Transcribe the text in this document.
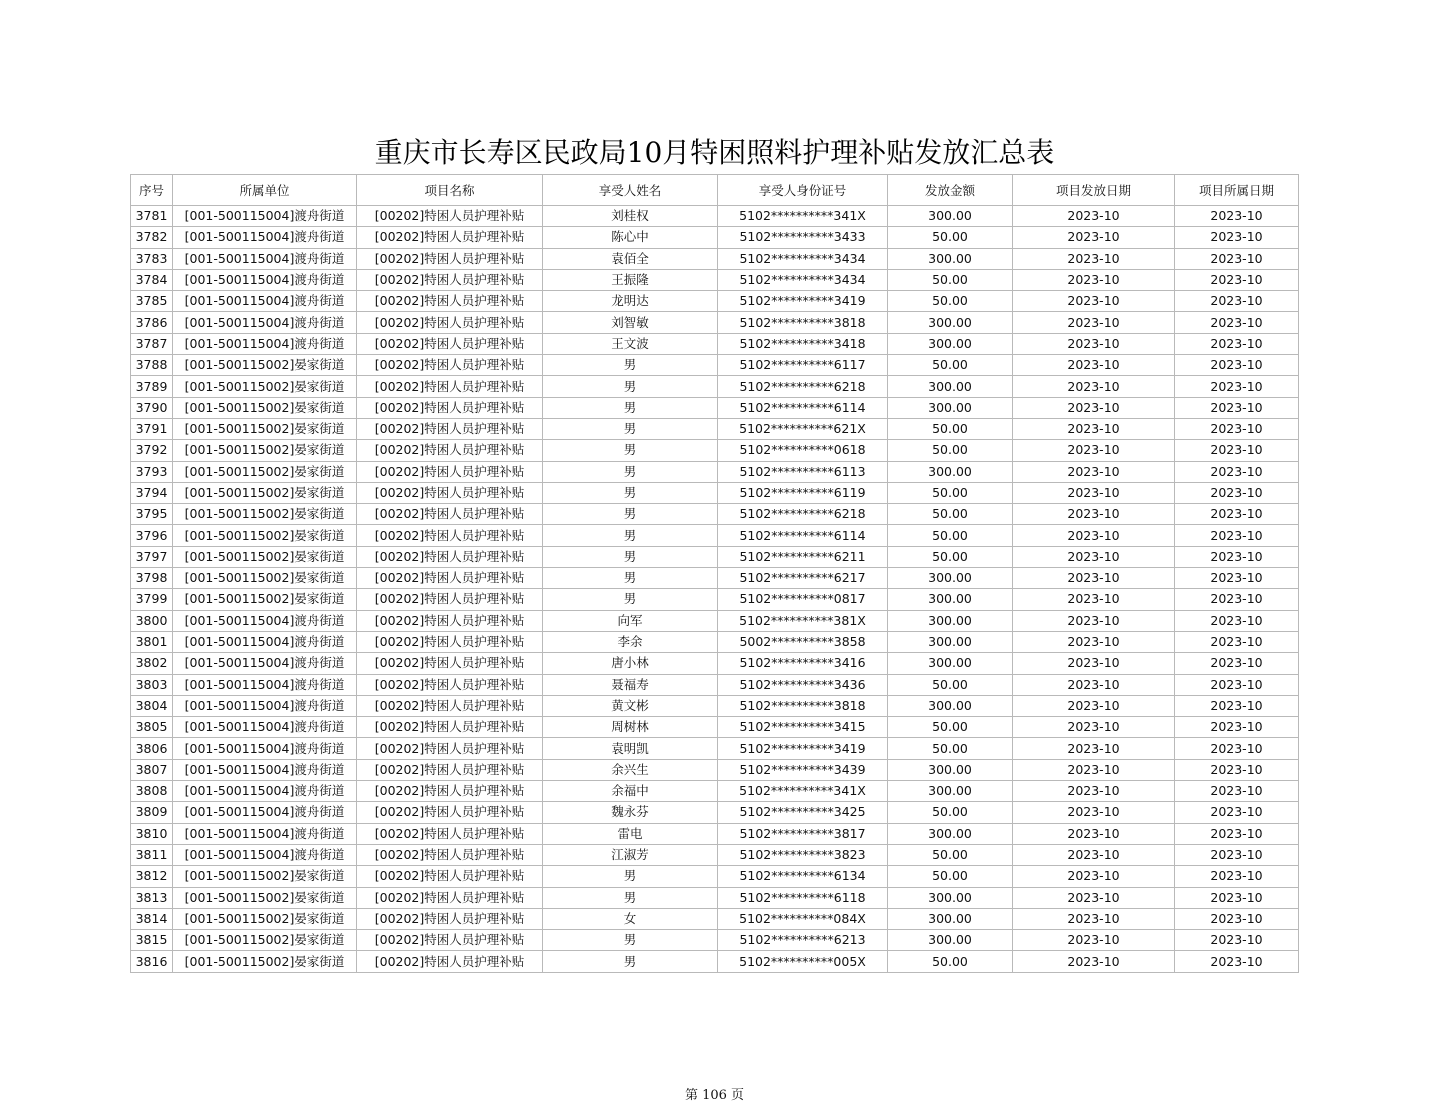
重庆市长寿区民政局10月特困照料护理补贴发放汇总表
序号	所属单位	项目名称	享受人姓名	享受人身份证号	发放金额	项目发放日期	项目所属日期
3781	[001-500115004]渡舟街道	[00202]特困人员护理补贴	刘桂权	5102**********341X	300.00	2023-10	2023-10
3782	[001-500115004]渡舟街道	[00202]特困人员护理补贴	陈心中	5102**********3433	50.00	2023-10	2023-10
3783	[001-500115004]渡舟街道	[00202]特困人员护理补贴	袁佰全	5102**********3434	300.00	2023-10	2023-10
3784	[001-500115004]渡舟街道	[00202]特困人员护理补贴	王振隆	5102**********3434	50.00	2023-10	2023-10
3785	[001-500115004]渡舟街道	[00202]特困人员护理补贴	龙明达	5102**********3419	50.00	2023-10	2023-10
3786	[001-500115004]渡舟街道	[00202]特困人员护理补贴	刘智敏	5102**********3818	300.00	2023-10	2023-10
3787	[001-500115004]渡舟街道	[00202]特困人员护理补贴	王文波	5102**********3418	300.00	2023-10	2023-10
3788	[001-500115002]晏家街道	[00202]特困人员护理补贴	男	5102**********6117	50.00	2023-10	2023-10
3789	[001-500115002]晏家街道	[00202]特困人员护理补贴	男	5102**********6218	300.00	2023-10	2023-10
3790	[001-500115002]晏家街道	[00202]特困人员护理补贴	男	5102**********6114	300.00	2023-10	2023-10
3791	[001-500115002]晏家街道	[00202]特困人员护理补贴	男	5102**********621X	50.00	2023-10	2023-10
3792	[001-500115002]晏家街道	[00202]特困人员护理补贴	男	5102**********0618	50.00	2023-10	2023-10
3793	[001-500115002]晏家街道	[00202]特困人员护理补贴	男	5102**********6113	300.00	2023-10	2023-10
3794	[001-500115002]晏家街道	[00202]特困人员护理补贴	男	5102**********6119	50.00	2023-10	2023-10
3795	[001-500115002]晏家街道	[00202]特困人员护理补贴	男	5102**********6218	50.00	2023-10	2023-10
3796	[001-500115002]晏家街道	[00202]特困人员护理补贴	男	5102**********6114	50.00	2023-10	2023-10
3797	[001-500115002]晏家街道	[00202]特困人员护理补贴	男	5102**********6211	50.00	2023-10	2023-10
3798	[001-500115002]晏家街道	[00202]特困人员护理补贴	男	5102**********6217	300.00	2023-10	2023-10
3799	[001-500115002]晏家街道	[00202]特困人员护理补贴	男	5102**********0817	300.00	2023-10	2023-10
3800	[001-500115004]渡舟街道	[00202]特困人员护理补贴	向军	5102**********381X	300.00	2023-10	2023-10
3801	[001-500115004]渡舟街道	[00202]特困人员护理补贴	李余	5002**********3858	300.00	2023-10	2023-10
3802	[001-500115004]渡舟街道	[00202]特困人员护理补贴	唐小林	5102**********3416	300.00	2023-10	2023-10
3803	[001-500115004]渡舟街道	[00202]特困人员护理补贴	聂福寿	5102**********3436	50.00	2023-10	2023-10
3804	[001-500115004]渡舟街道	[00202]特困人员护理补贴	黄文彬	5102**********3818	300.00	2023-10	2023-10
3805	[001-500115004]渡舟街道	[00202]特困人员护理补贴	周树林	5102**********3415	50.00	2023-10	2023-10
3806	[001-500115004]渡舟街道	[00202]特困人员护理补贴	袁明凯	5102**********3419	50.00	2023-10	2023-10
3807	[001-500115004]渡舟街道	[00202]特困人员护理补贴	余兴生	5102**********3439	300.00	2023-10	2023-10
3808	[001-500115004]渡舟街道	[00202]特困人员护理补贴	余福中	5102**********341X	300.00	2023-10	2023-10
3809	[001-500115004]渡舟街道	[00202]特困人员护理补贴	魏永芬	5102**********3425	50.00	2023-10	2023-10
3810	[001-500115004]渡舟街道	[00202]特困人员护理补贴	雷电	5102**********3817	300.00	2023-10	2023-10
3811	[001-500115004]渡舟街道	[00202]特困人员护理补贴	江淑芳	5102**********3823	50.00	2023-10	2023-10
3812	[001-500115002]晏家街道	[00202]特困人员护理补贴	男	5102**********6134	50.00	2023-10	2023-10
3813	[001-500115002]晏家街道	[00202]特困人员护理补贴	男	5102**********6118	300.00	2023-10	2023-10
3814	[001-500115002]晏家街道	[00202]特困人员护理补贴	女	5102**********084X	300.00	2023-10	2023-10
3815	[001-500115002]晏家街道	[00202]特困人员护理补贴	男	5102**********6213	300.00	2023-10	2023-10
3816	[001-500115002]晏家街道	[00202]特困人员护理补贴	男	5102**********005X	50.00	2023-10	2023-10
第 106 页
